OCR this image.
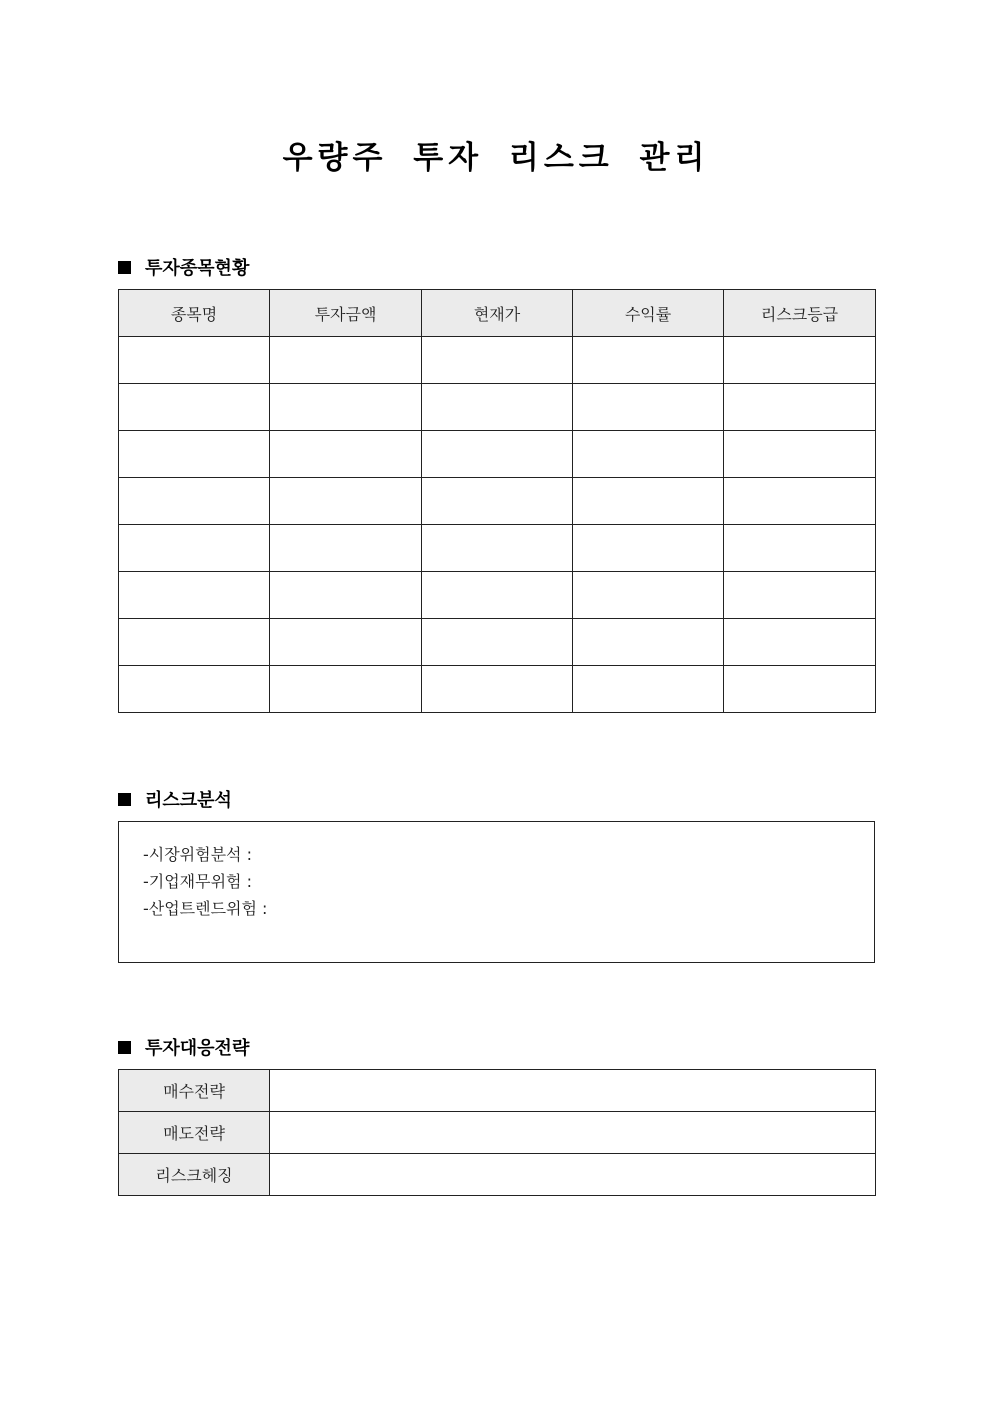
우량주 투자 리스크 관리
투자종목현황
종목명	투자금액	현재가	수익률	리스크등급

리스크분석
-시장위험분석 :
-기업재무위험 :
-산업트렌드위험 :
투자대응전략
매수전략	
매도전략	
리스크헤징	
